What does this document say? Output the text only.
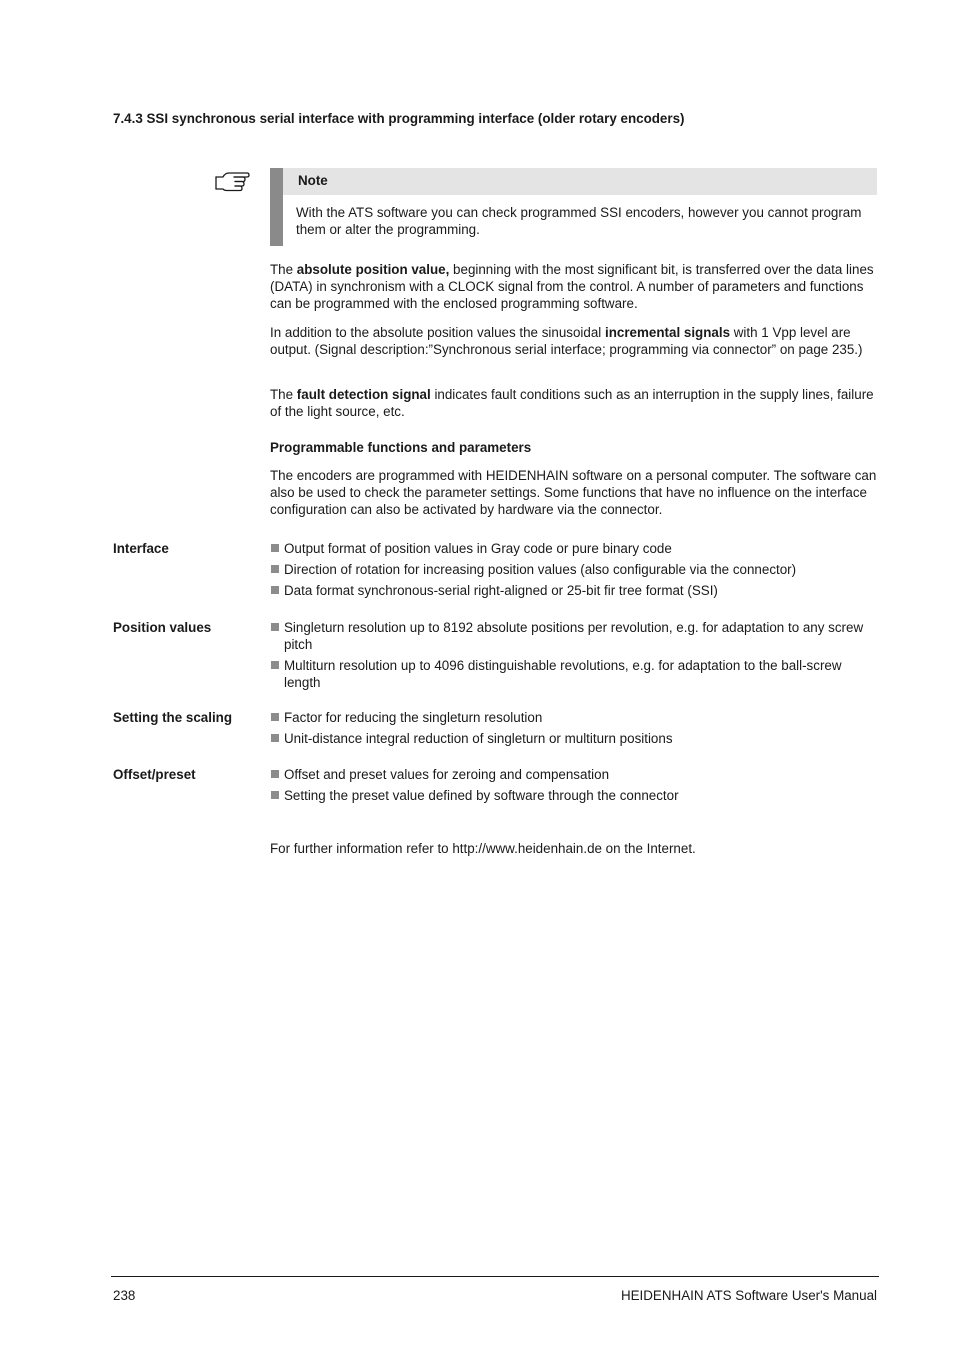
7.4.3 SSI synchronous serial interface with programming interface (older rotary encoders)
Note
With the ATS software you can check programmed SSI encoders, however you cannot program them or alter the programming.

The absolute position value, beginning with the most significant bit, is transferred over the data lines (DATA) in synchronism with a CLOCK signal from the control. A number of parameters and functions can be programmed with the enclosed programming software.

In addition to the absolute position values the sinusoidal incremental signals with 1 Vpp level are output. (Signal description:”Synchronous serial interface; programming via connector” on page 235.)

The fault detection signal indicates fault conditions such as an interruption in the supply lines, failure of the light source, etc.

Programmable functions and parameters

The encoders are programmed with HEIDENHAIN software on a personal computer. The software can also be used to check the parameter settings. Some functions that have no influence on the interface configuration can also be activated by hardware via the connector.

Interface	Output format of position values in Gray code or pure binary code
Direction of rotation for increasing position values (also configurable via the connector)
Data format synchronous-serial right-aligned or 25-bit fir tree format (SSI)
Position values	Singleturn resolution up to 8192 absolute positions per revolution, e.g. for adaptation to any screw pitch
Multiturn resolution up to 4096 distinguishable revolutions, e.g. for adaptation to the ball-screw length
Setting the scaling	Factor for reducing the singleturn resolution
Unit-distance integral reduction of singleturn or multiturn positions
Offset/preset	Offset and preset values for zeroing and compensation
Setting the preset value defined by software through the connector

For further information refer to http://www.heidenhain.de on the Internet.

238	HEIDENHAIN ATS Software User's Manual
